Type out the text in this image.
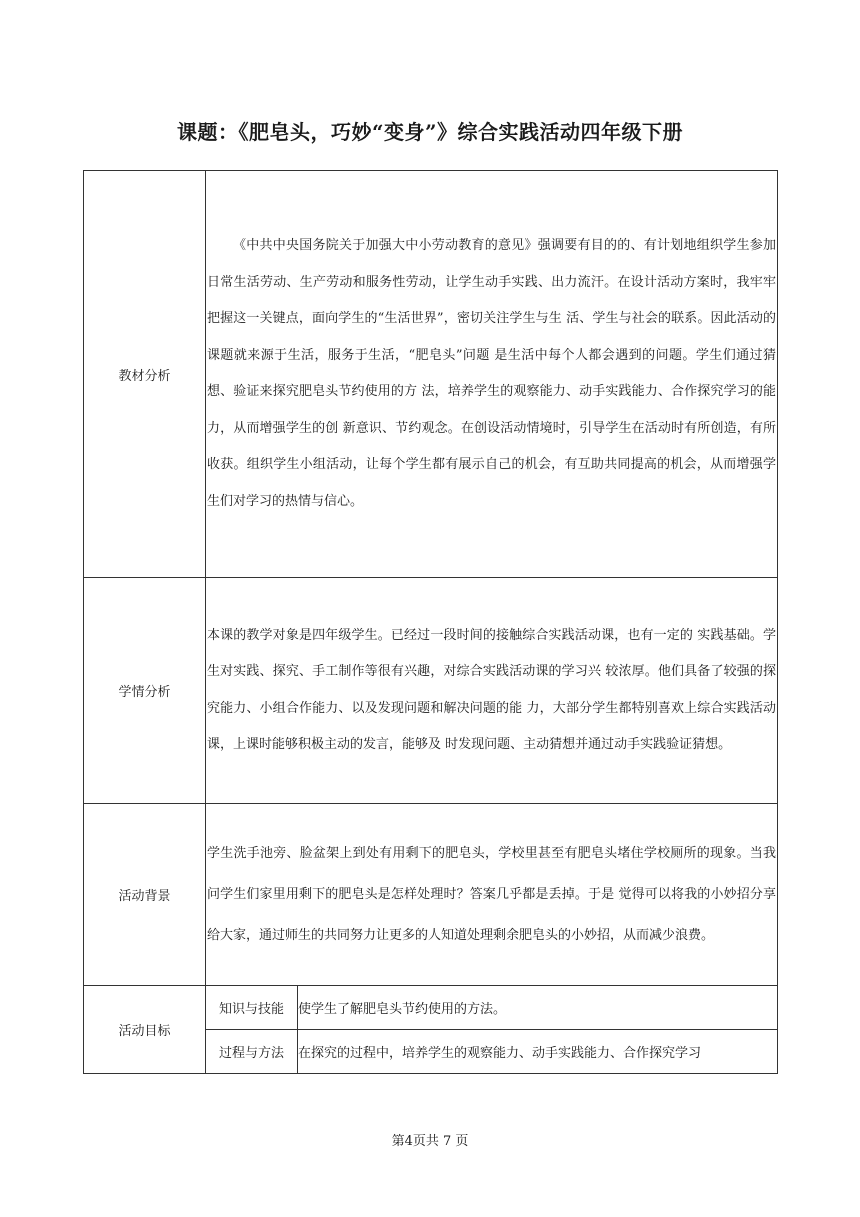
课题：《肥皂头，巧妙“变身”》综合实践活动四年级下册
教材分析	《中共中央国务院关于加强大中小劳动教育的意见》强调要有目的的、有计划地组织学生参加日常生活劳动、生产劳动和服务性劳动，让学生动手实践、出力流汗。在设计活动方案时，我牢牢把握这一关键点，面向学生的“生活世界”，密切关注学生与生 活、学生与社会的联系。因此活动的课题就来源于生活，服务于生活，“肥皂头”问题 是生活中每个人都会遇到的问题。学生们通过猜想、验证来探究肥皂头节约使用的方 法，培养学生的观察能力、动手实践能力、合作探究学习的能力，从而增强学生的创 新意识、节约观念。在创设活动情境时，引导学生在活动时有所创造，有所收获。组织学生小组活动，让每个学生都有展示自己的机会，有互助共同提高的机会，从而增强学生们对学习的热情与信心。	

学情分析	本课的教学对象是四年级学生。已经过一段时间的接触综合实践活动课，也有一定的 实践基础。学生对实践、探究、手工制作等很有兴趣，对综合实践活动课的学习兴 较浓厚。他们具备了较强的探究能力、小组合作能力、以及发现问题和解决问题的能 力，大部分学生都特别喜欢上综合实践活动课，上课时能够积极主动的发言，能够及 时发现问题、主动猜想并通过动手实践验证猜想。	

活动背景	学生洗手池旁、脸盆架上到处有用剩下的肥皂头，学校里甚至有肥皂头堵住学校厕所的现象。当我问学生们家里用剩下的肥皂头是怎样处理时？答案几乎都是丢掉。于是 觉得可以将我的小妙招分享给大家，通过师生的共同努力让更多的人知道处理剩余肥皂头的小妙招，从而减少浪费。	

活动目标	知识与技能	使学生了解肥皂头节约使用的方法。
	过程与方法	在探究的过程中，培养学生的观察能力、动手实践能力、合作探究学习
第4页共 7 页
